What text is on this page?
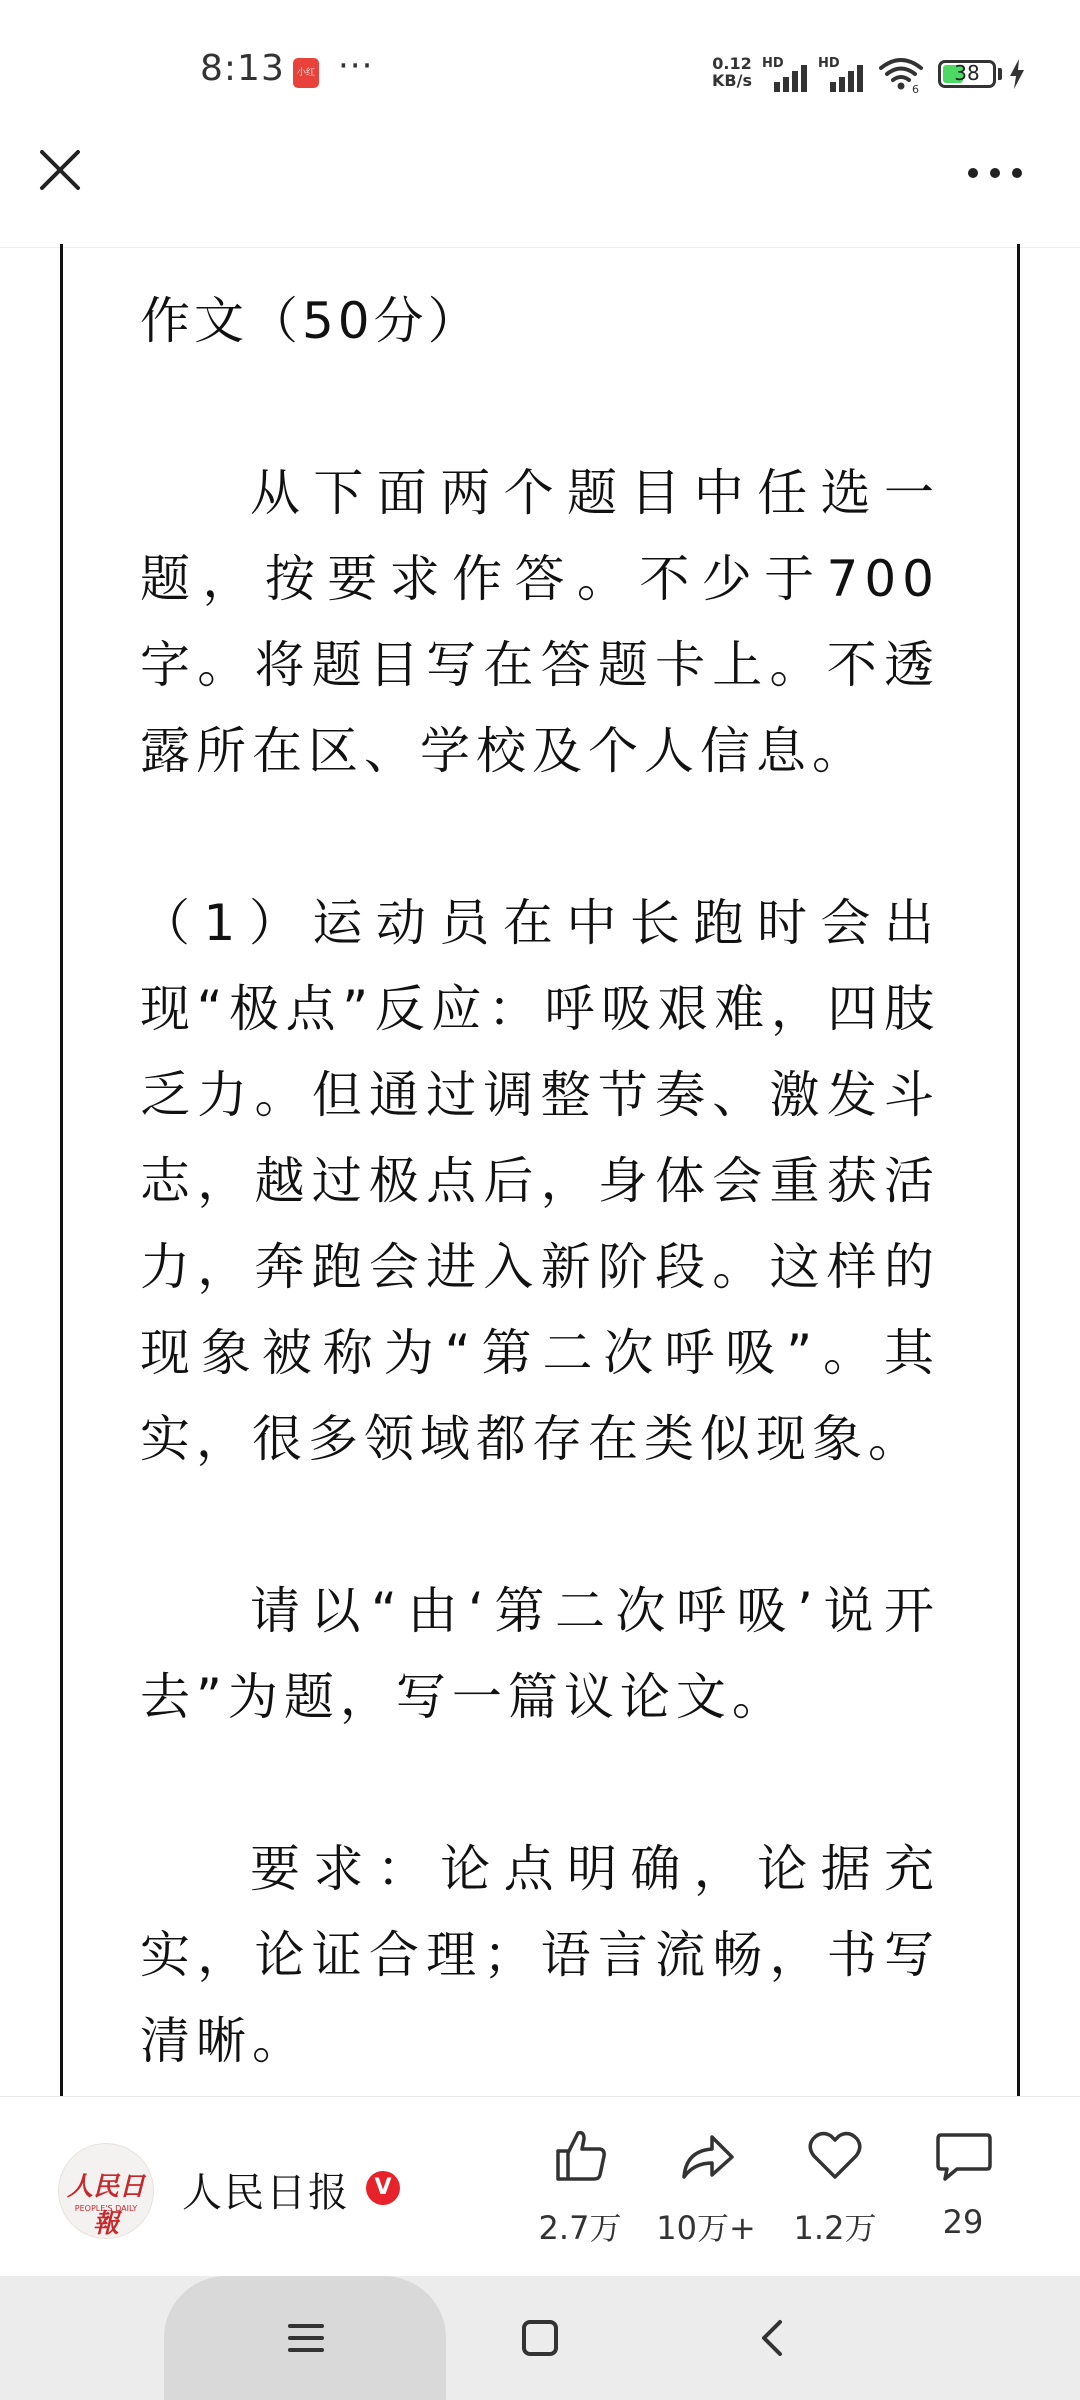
8:13	小红书
···	0.12
KB/s
HD	HD
6
38

作文（50分）

从下面两个题目中任选一题，按要求作答。不少于700字。将题目写在答题卡上。不透露所在区、学校及个人信息。

（1）运动员在中长跑时会出现“极点”反应：呼吸艰难，四肢乏力。但通过调整节奏、激发斗志，越过极点后，身体会重获活力，奔跑会进入新阶段。这样的现象被称为“第二次呼吸”。其实，很多领域都存在类似现象。

请以“由‘第二次呼吸’说开去”为题，写一篇议论文。

要求：论点明确，论据充实，论证合理；语言流畅，书写清晰。

人民日報
PEOPLE'S DAILY	人民日报	V
2.7万	10万+	1.2万	29
